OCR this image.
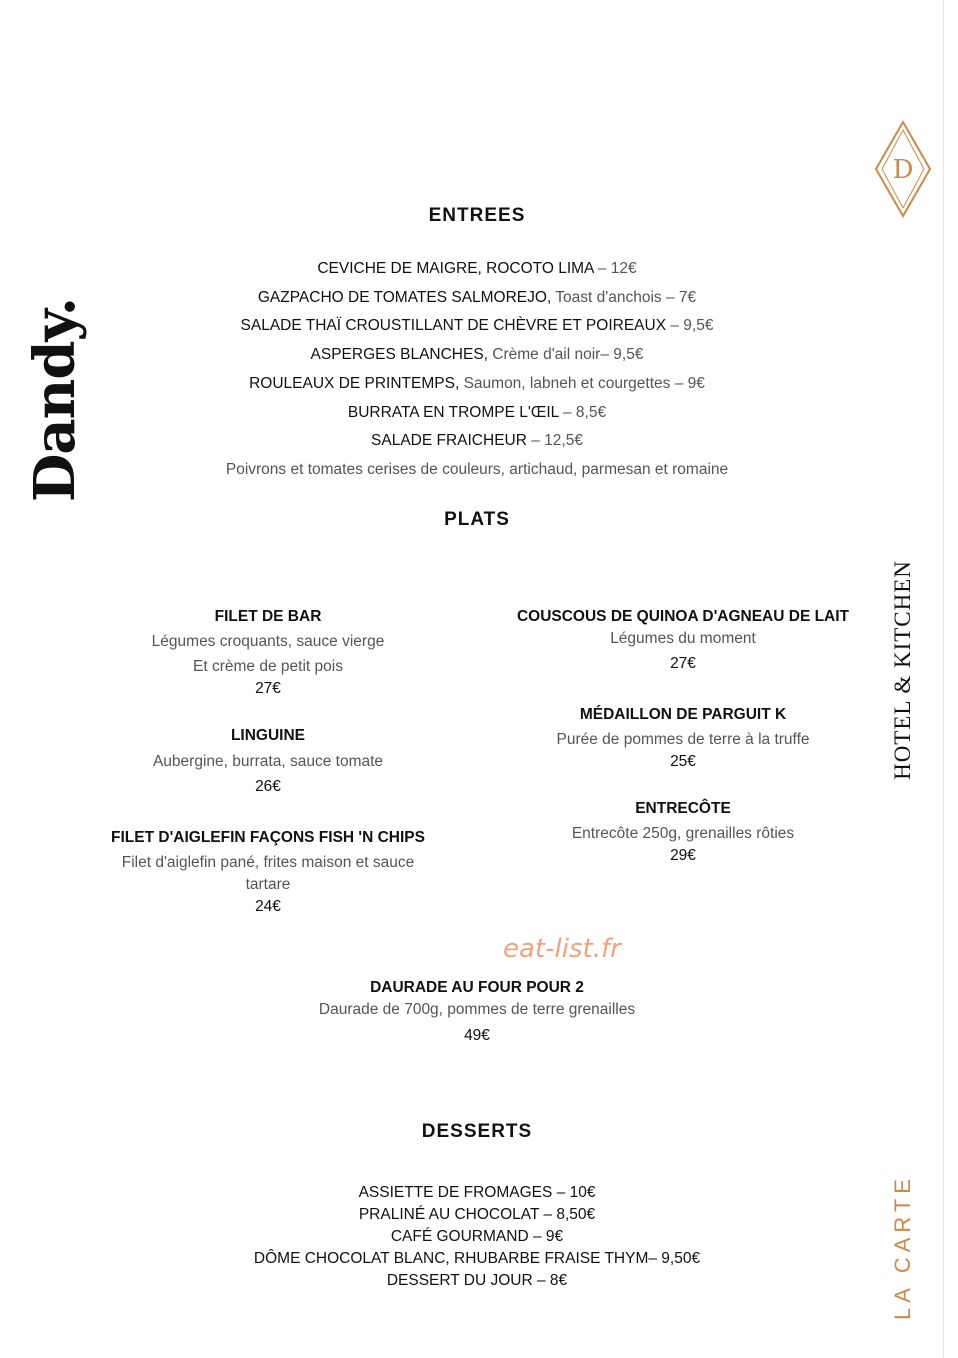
Dandy.
D
HOTEL & KITCHEN
LA CARTE
ENTREES
CEVICHE DE MAIGRE, ROCOTO LIMA – 12€
GAZPACHO DE TOMATES SALMOREJO, Toast d'anchois – 7€
SALADE THAÏ CROUSTILLANT DE CHÈVRE ET POIREAUX – 9,5€
ASPERGES BLANCHES, Crème d'ail noir– 9,5€
ROULEAUX DE PRINTEMPS, Saumon, labneh et courgettes – 9€
BURRATA EN TROMPE L'ŒIL – 8,5€
SALADE FRAICHEUR – 12,5€
Poivrons et tomates cerises de couleurs, artichaud, parmesan et romaine
PLATS
FILET DE BAR
Légumes croquants, sauce vierge
Et crème de petit pois
27€
LINGUINE
Aubergine, burrata, sauce tomate
26€
FILET D'AIGLEFIN FAÇONS FISH 'N CHIPS
Filet d'aiglefin pané, frites maison et sauce
tartare
24€
COUSCOUS DE QUINOA D'AGNEAU DE LAIT
Légumes du moment
27€
MÉDAILLON DE PARGUIT K
Purée de pommes de terre à la truffe
25€
ENTRECÔTE
Entrecôte 250g, grenailles rôties
29€
eat-list.fr
DAURADE AU FOUR POUR 2
Daurade de 700g, pommes de terre grenailles
49€
DESSERTS
ASSIETTE DE FROMAGES – 10€
PRALINÉ AU CHOCOLAT – 8,50€
CAFÉ GOURMAND – 9€
DÔME CHOCOLAT BLANC, RHUBARBE FRAISE THYM– 9,50€
DESSERT DU JOUR – 8€
